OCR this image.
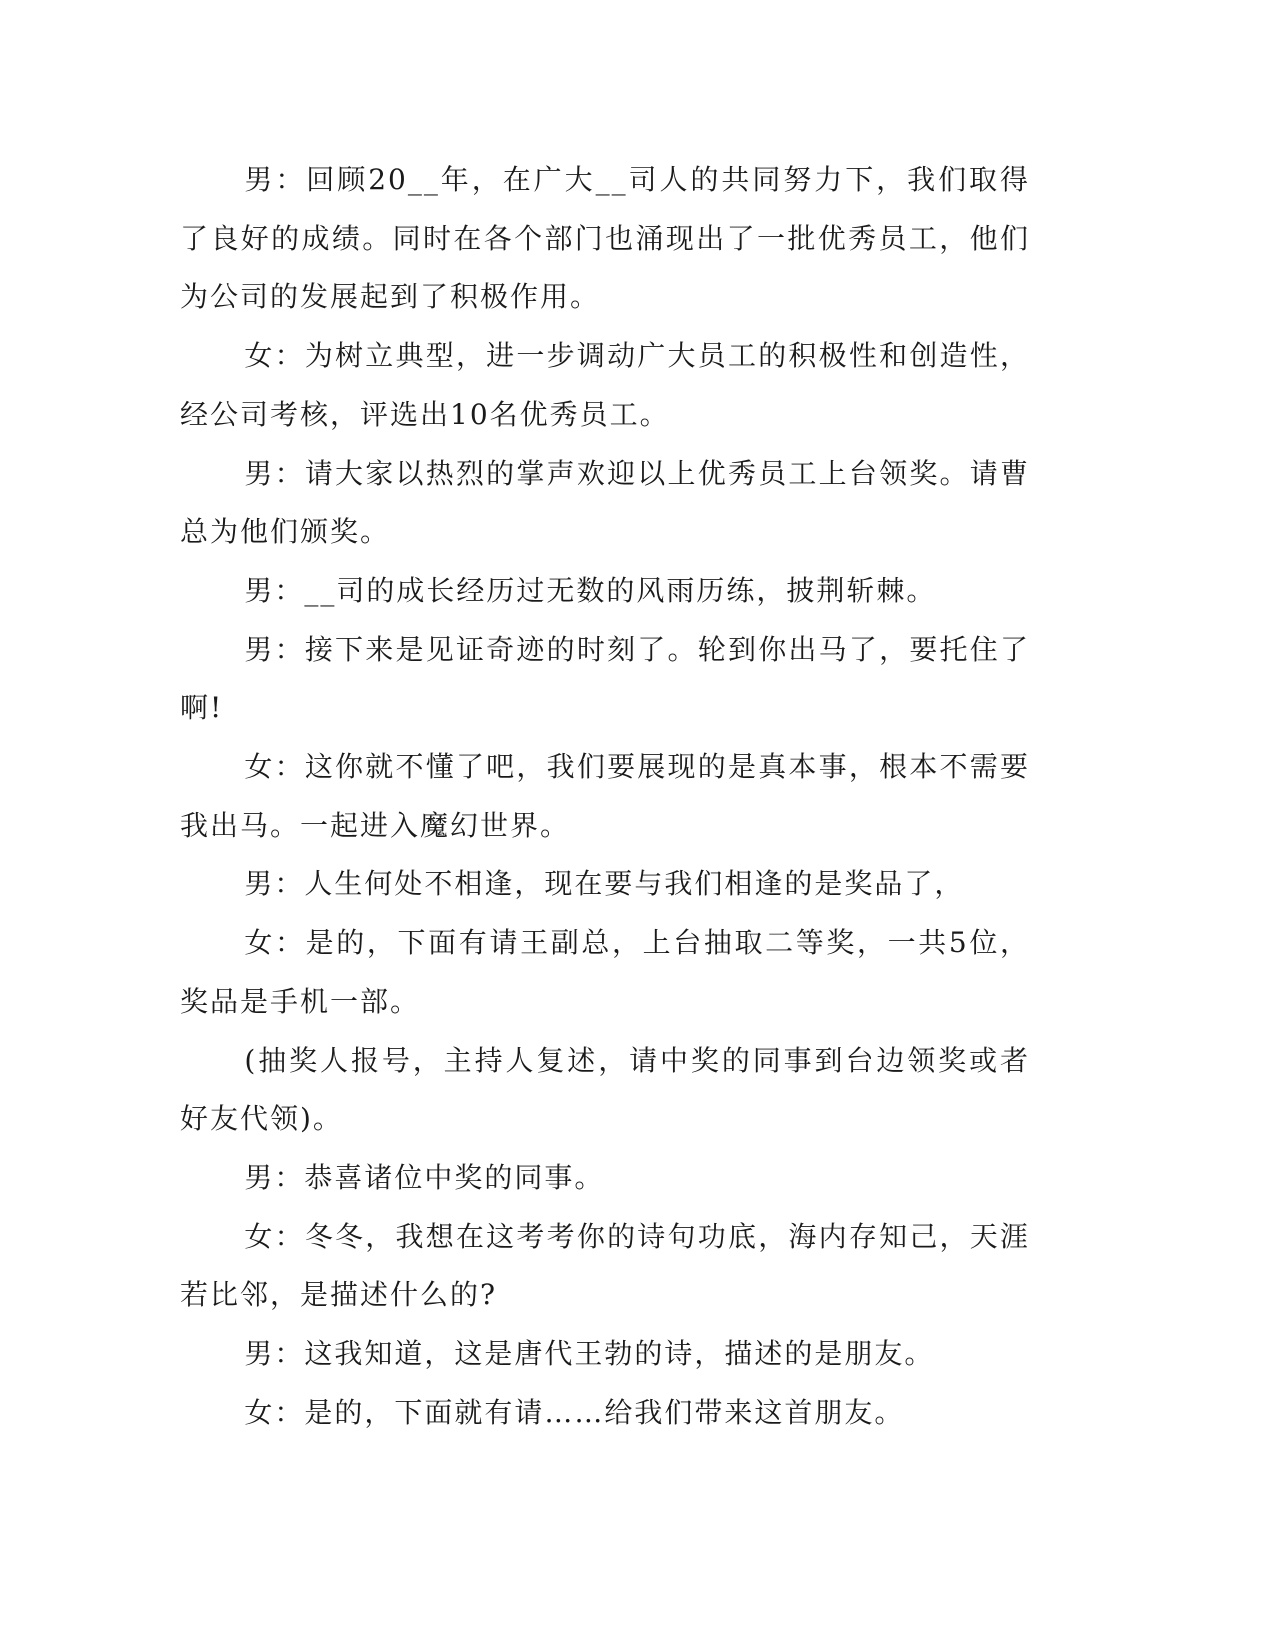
男：回顾20__年，在广大__司人的共同努力下，我们取得了良好的成绩。同时在各个部门也涌现出了一批优秀员工，他们为公司的发展起到了积极作用。

女：为树立典型，进一步调动广大员工的积极性和创造性，经公司考核，评选出10名优秀员工。

男：请大家以热烈的掌声欢迎以上优秀员工上台领奖。请曹总为他们颁奖。

男：__司的成长经历过无数的风雨历练，披荆斩棘。

男：接下来是见证奇迹的时刻了。轮到你出马了，要托住了啊!

女：这你就不懂了吧，我们要展现的是真本事，根本不需要我出马。一起进入魔幻世界。

男：人生何处不相逢，现在要与我们相逢的是奖品了，

女：是的，下面有请王副总，上台抽取二等奖，一共5位，奖品是手机一部。

(抽奖人报号，主持人复述，请中奖的同事到台边领奖或者好友代领)。

男：恭喜诸位中奖的同事。

女：冬冬，我想在这考考你的诗句功底，海内存知己，天涯若比邻，是描述什么的?

男：这我知道，这是唐代王勃的诗，描述的是朋友。

女：是的，下面就有请……给我们带来这首朋友。
